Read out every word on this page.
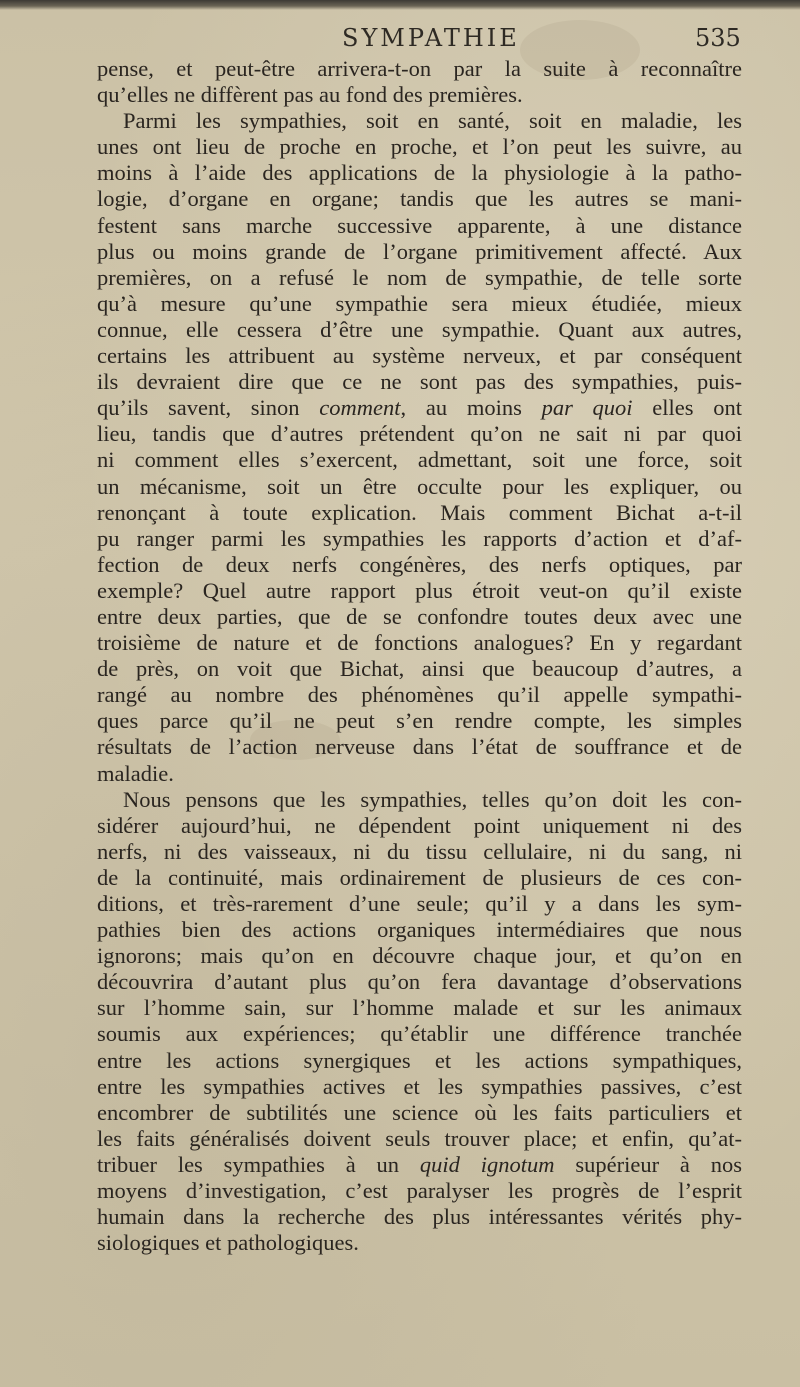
SYMPATHIE	535
pense, et peut-être arrivera-t-on par la suite à reconnaître
qu’elles ne diffèrent pas au fond des premières.
Parmi les sympathies, soit en santé, soit en maladie, les
unes ont lieu de proche en proche, et l’on peut les suivre, au
moins à l’aide des applications de la physiologie à la patho-
logie, d’organe en organe; tandis que les autres se mani-
festent sans marche successive apparente, à une distance
plus ou moins grande de l’organe primitivement affecté. Aux
premières, on a refusé le nom de sympathie, de telle sorte
qu’à mesure qu’une sympathie sera mieux étudiée, mieux
connue, elle cessera d’être une sympathie. Quant aux autres,
certains les attribuent au système nerveux, et par conséquent
ils devraient dire que ce ne sont pas des sympathies, puis-
qu’ils savent, sinon comment, au moins par quoi elles ont
lieu, tandis que d’autres prétendent qu’on ne sait ni par quoi
ni comment elles s’exercent, admettant, soit une force, soit
un mécanisme, soit un être occulte pour les expliquer, ou
renonçant à toute explication. Mais comment Bichat a-t-il
pu ranger parmi les sympathies les rapports d’action et d’af-
fection de deux nerfs congénères, des nerfs optiques, par
exemple? Quel autre rapport plus étroit veut-on qu’il existe
entre deux parties, que de se confondre toutes deux avec une
troisième de nature et de fonctions analogues? En y regardant
de près, on voit que Bichat, ainsi que beaucoup d’autres, a
rangé au nombre des phénomènes qu’il appelle sympathi-
ques parce qu’il ne peut s’en rendre compte, les simples
résultats de l’action nerveuse dans l’état de souffrance et de
maladie.
Nous pensons que les sympathies, telles qu’on doit les con-
sidérer aujourd’hui, ne dépendent point uniquement ni des
nerfs, ni des vaisseaux, ni du tissu cellulaire, ni du sang, ni
de la continuité, mais ordinairement de plusieurs de ces con-
ditions, et très-rarement d’une seule; qu’il y a dans les sym-
pathies bien des actions organiques intermédiaires que nous
ignorons; mais qu’on en découvre chaque jour, et qu’on en
découvrira d’autant plus qu’on fera davantage d’observations
sur l’homme sain, sur l’homme malade et sur les animaux
soumis aux expériences; qu’établir une différence tranchée
entre les actions synergiques et les actions sympathiques,
entre les sympathies actives et les sympathies passives, c’est
encombrer de subtilités une science où les faits particuliers et
les faits généralisés doivent seuls trouver place; et enfin, qu’at-
tribuer les sympathies à un quid ignotum supérieur à nos
moyens d’investigation, c’est paralyser les progrès de l’esprit
humain dans la recherche des plus intéressantes vérités phy-
siologiques et pathologiques.
